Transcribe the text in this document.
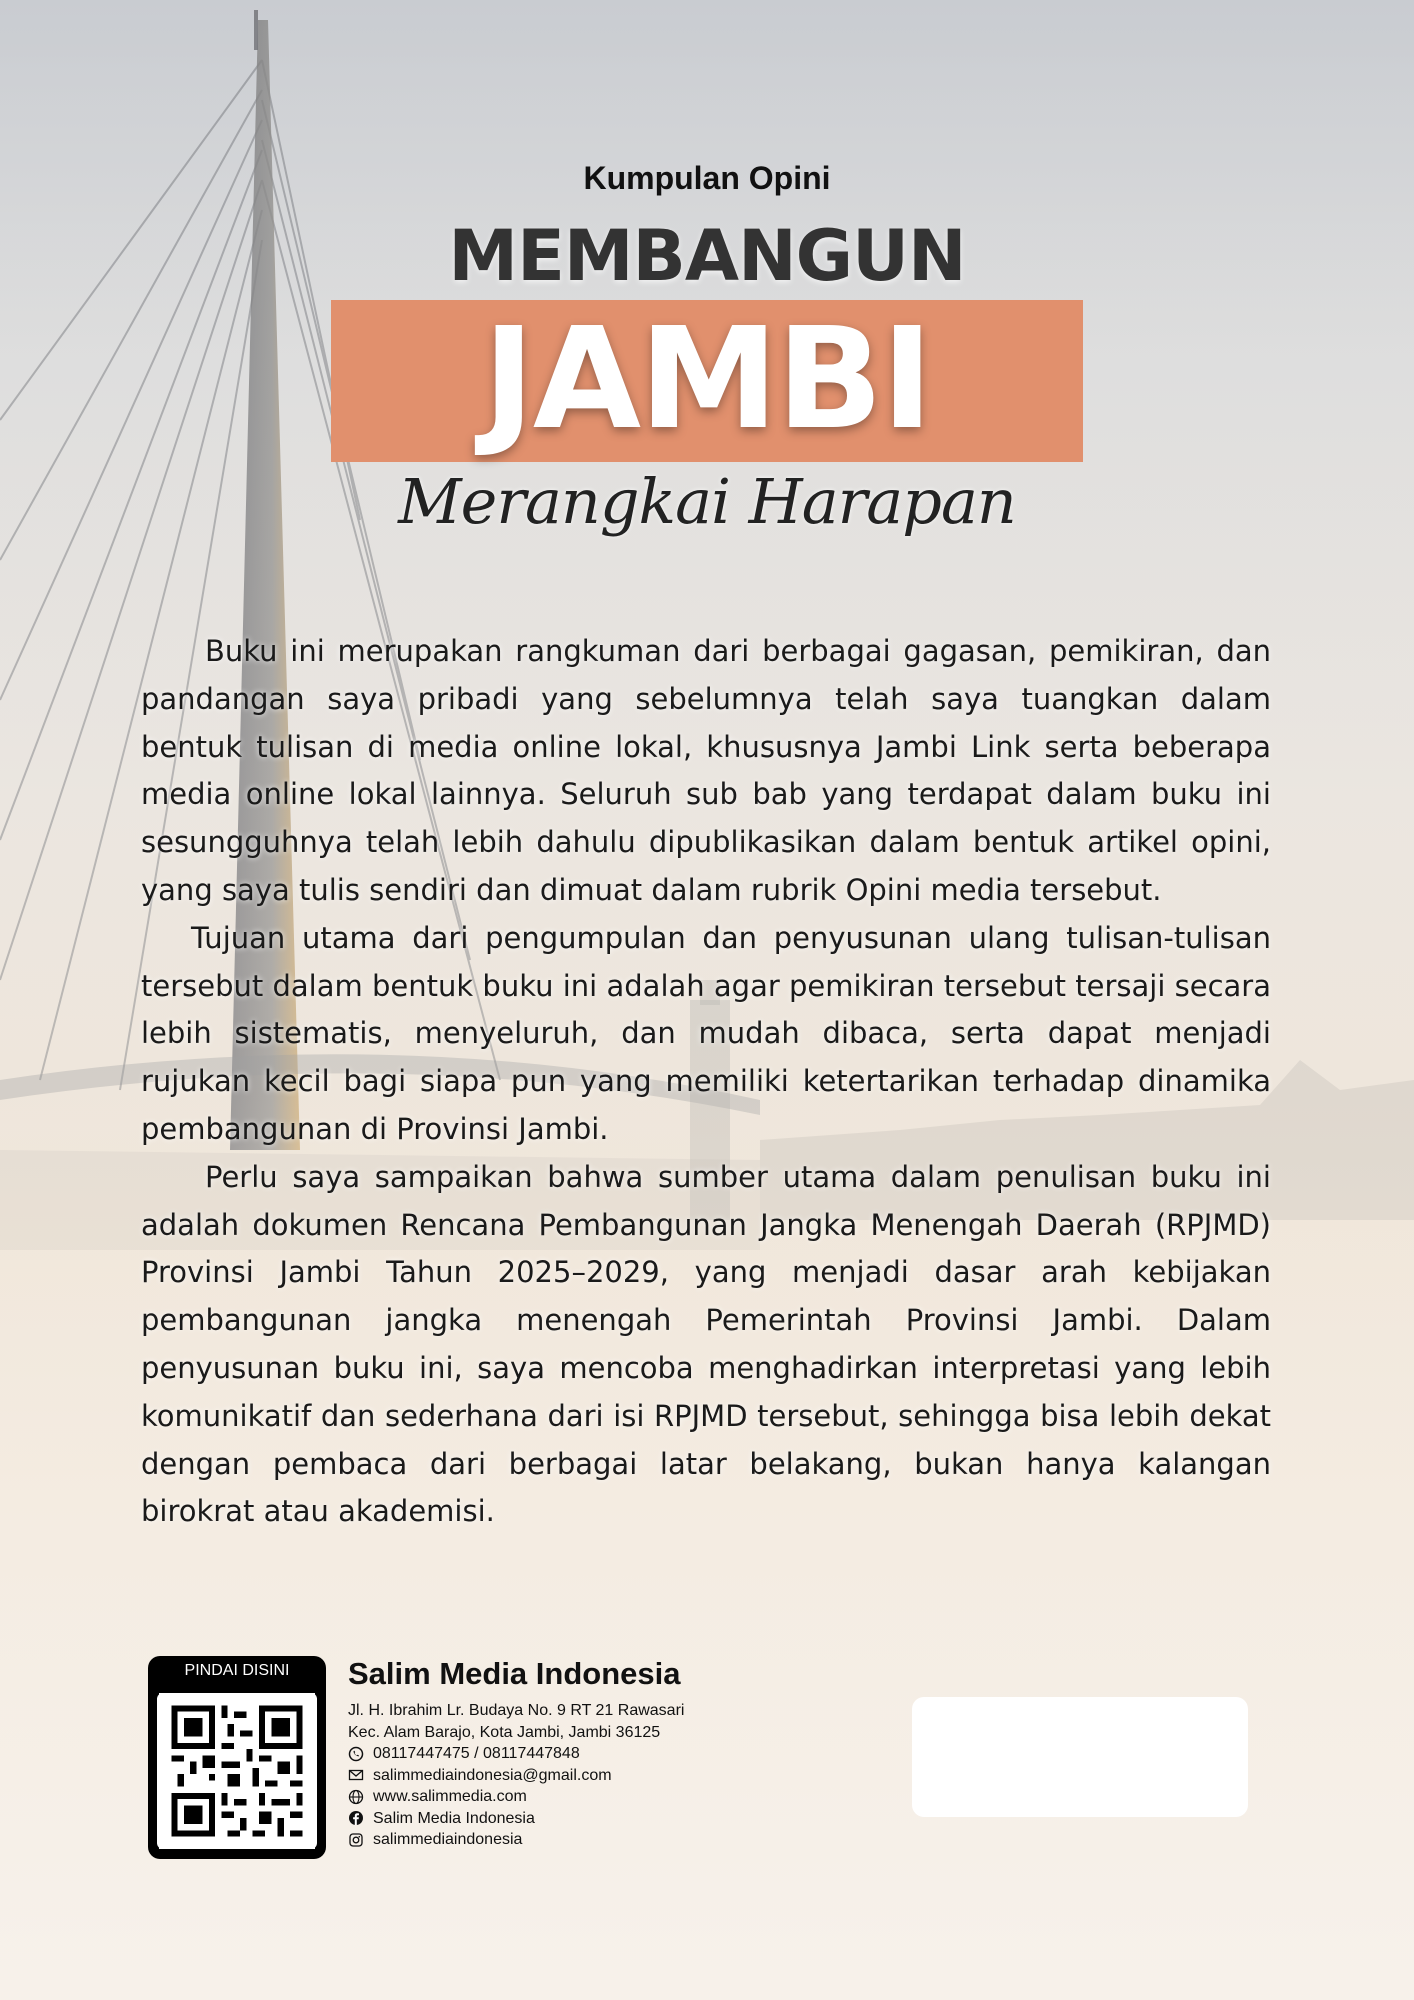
Kumpulan Opini
MEMBANGUN
JAMBI
Merangkai Harapan

Buku ini merupakan rangkuman dari berbagai gagasan, pemikiran, dan pandangan saya pribadi yang sebelumnya telah saya tuangkan dalam bentuk tulisan di media online lokal, khususnya Jambi Link serta beberapa media online lokal lainnya. Seluruh sub bab yang terdapat dalam buku ini sesungguhnya telah lebih dahulu dipublikasikan dalam bentuk artikel opini, yang saya tulis sendiri dan dimuat dalam rubrik Opini media tersebut.

Tujuan utama dari pengumpulan dan penyusunan ulang tulisan-tulisan tersebut dalam bentuk buku ini adalah agar pemikiran tersebut tersaji secara lebih sistematis, menyeluruh, dan mudah dibaca, serta dapat menjadi rujukan kecil bagi siapa pun yang memiliki ketertarikan terhadap dinamika pembangunan di Provinsi Jambi.

Perlu saya sampaikan bahwa sumber utama dalam penulisan buku ini adalah dokumen Rencana Pembangunan Jangka Menengah Daerah (RPJMD) Provinsi Jambi Tahun 2025–2029, yang menjadi dasar arah kebijakan pembangunan jangka menengah Pemerintah Provinsi Jambi. Dalam penyusunan buku ini, saya mencoba menghadirkan interpretasi yang lebih komunikatif dan sederhana dari isi RPJMD tersebut, sehingga bisa lebih dekat dengan pembaca dari berbagai latar belakang, bukan hanya kalangan birokrat atau akademisi.

PINDAI DISINI	Salim Media Indonesia

Jl. H. Ibrahim Lr. Budaya No. 9 RT 21 Rawasari

Kec. Alam Barajo, Kota Jambi, Jambi 36125

08117447475 / 08117447848

salimmediaindonesia@gmail.com

www.salimmedia.com

Salim Media Indonesia

salimmediaindonesia
